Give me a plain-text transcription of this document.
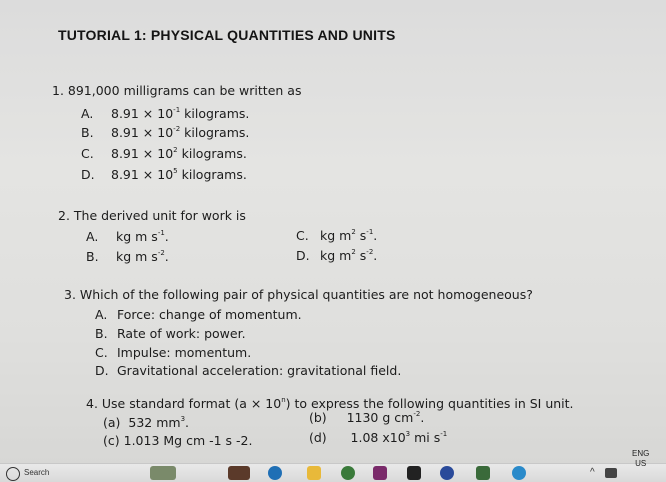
TUTORIAL 1: PHYSICAL QUANTITIES AND UNITS
1. 891,000 milligrams can be written as
A. $8.91 \times 10^{-1}$ kilograms.
B. $8.91 \times 10^{-2}$ kilograms.
C. $8.91 \times 10^2$ kilograms.
D. $8.91 \times 10^5$ kilograms.
2. The derived unit for work is
A. kg m $s^{-1}$.
B. kg m $s^{-2}$.
C. kg $m^2$ $s^{-1}$.
D. kg $m^2$ $s^{-2}$.
3. Which of the following pair of physical quantities are not homogeneous?
A. Force: change of momentum.
B. Rate of work: power.
C. Impulse: momentum.
D. Gravitational acceleration: gravitational field.
4. Use standard format $(a \times 10^n)$ to express the following quantities in SI unit.
(a) 532 $mm^3$.	(b) 1130 g $cm^{-2}$.
(c) 1.013 Mg cm -1 s -2.	(d) 1.08 $x10^3$ mi $s^{-1}$
Search	^
ENG
US
